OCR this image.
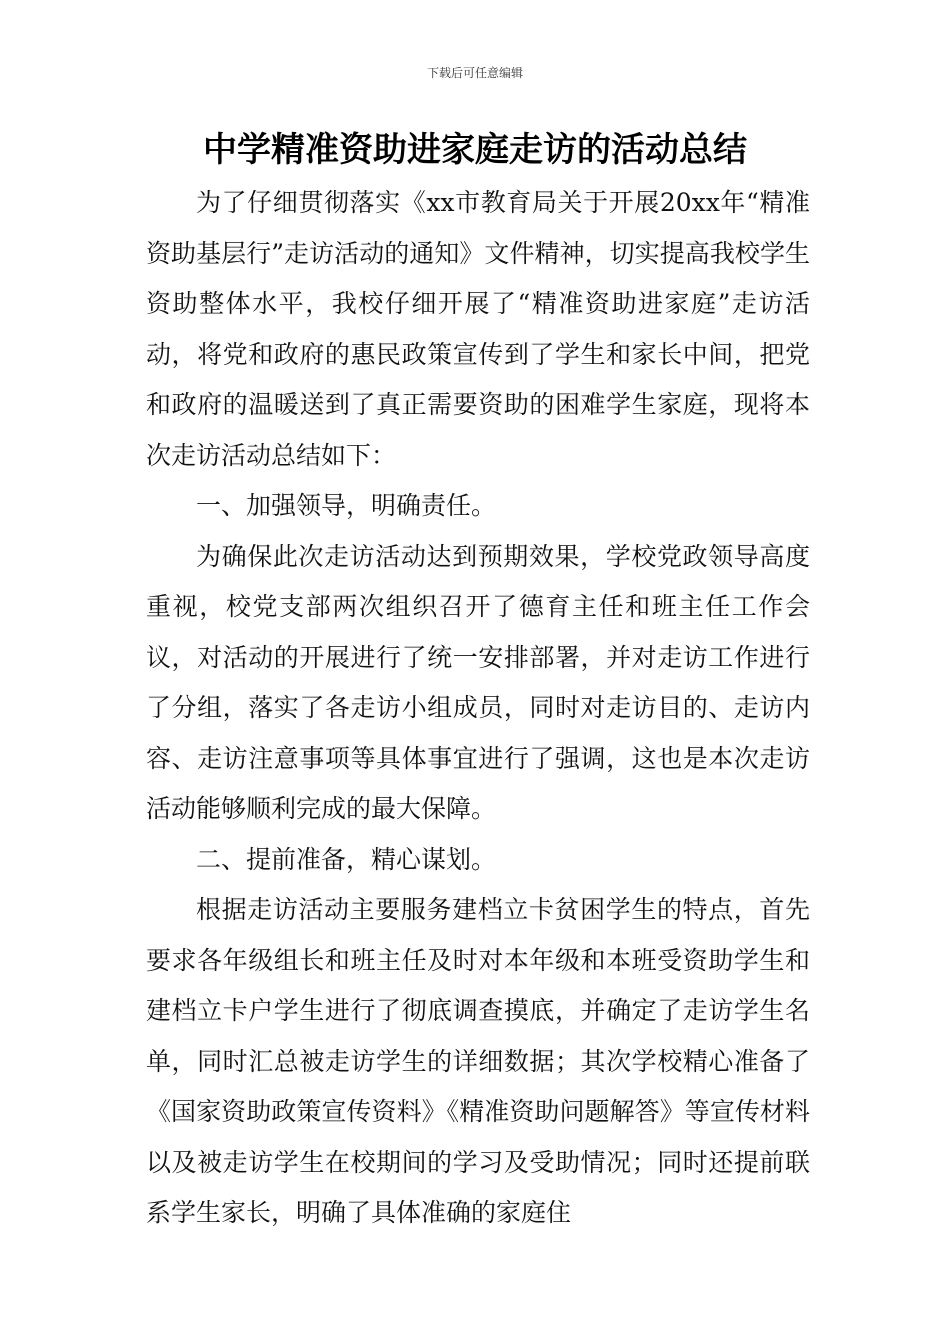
下载后可任意编辑
中学精准资助进家庭走访的活动总结

为了仔细贯彻落实《xx市教育局关于开展20xx年“精准资助基层行”走访活动的通知》文件精神，切实提高我校学生资助整体水平，我校仔细开展了“精准资助进家庭”走访活动，将党和政府的惠民政策宣传到了学生和家长中间，把党和政府的温暖送到了真正需要资助的困难学生家庭，现将本次走访活动总结如下：

一、加强领导，明确责任。

为确保此次走访活动达到预期效果，学校党政领导高度重视，校党支部两次组织召开了德育主任和班主任工作会议，对活动的开展进行了统一安排部署，并对走访工作进行了分组，落实了各走访小组成员，同时对走访目的、走访内容、走访注意事项等具体事宜进行了强调，这也是本次走访活动能够顺利完成的最大保障。

二、提前准备，精心谋划。

根据走访活动主要服务建档立卡贫困学生的特点，首先要求各年级组长和班主任及时对本年级和本班受资助学生和建档立卡户学生进行了彻底调查摸底，并确定了走访学生名单，同时汇总被走访学生的详细数据；其次学校精心准备了《国家资助政策宣传资料》《精准资助问题解答》等宣传材料以及被走访学生在校期间的学习及受助情况；同时还提前联系学生家长，明确了具体准确的家庭住
